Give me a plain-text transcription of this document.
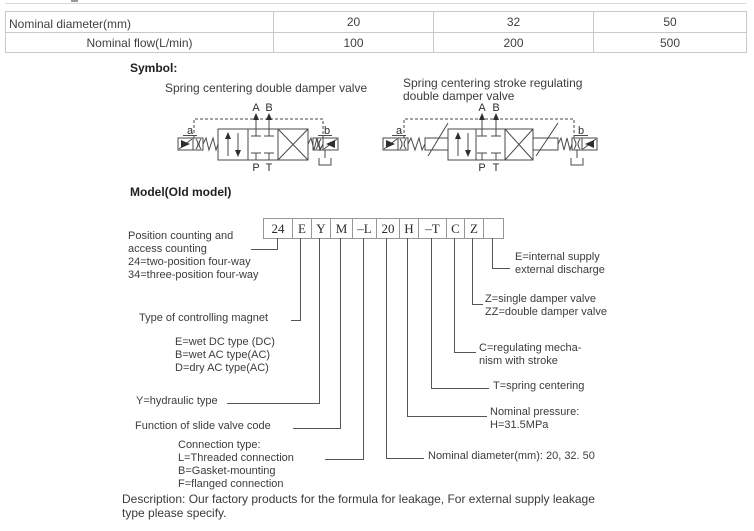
Nominal diameter(mm)	20	32	50
Nominal flow(L/min)	100	200	500
Symbol:
Spring centering double damper valve	Spring centering stroke regulating
double damper valve
A B
P T
a	b
A B
P T
a	b
Model(Old model)
24	E Y M –L 20 H –T C Z
Position counting and
access counting
24=two-position four-way
34=three-position four-way
Type of controlling magnet
E=wet DC type (DC)
B=wet AC type(AC)
D=dry AC type(AC)
Y=hydraulic type
Function of slide valve code
Connection type:
L=Threaded connection
B=Gasket-mounting
F=flanged connection
E=internal supply
external discharge
Z=single damper valve
ZZ=double damper valve
C=regulating mecha-
nism with stroke
T=spring centering
Nominal pressure:
H=31.5MPa
Nominal diameter(mm): 20, 32. 50
Description: Our factory products for the formula for leakage, For external supply leakage
type please specify.
